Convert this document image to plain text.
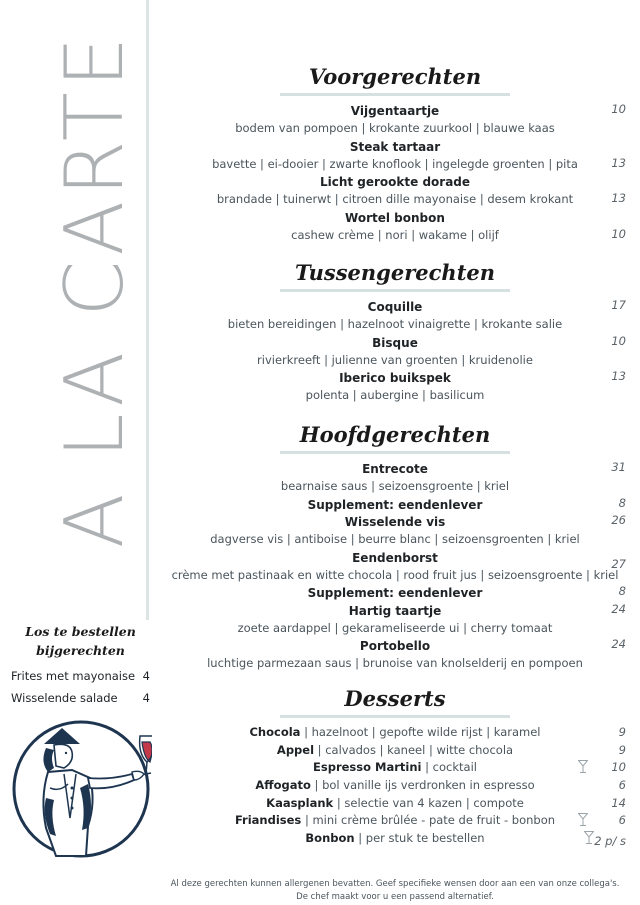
A LA CARTE	Voorgerechten
Vijgentaartje
bodem van pompoen | krokante zuurkool | blauwe kaas
10
Steak tartaar
bavette | ei-dooier | zwarte knoflook | ingelegde groenten | pita	13
Licht gerookte dorade
brandade | tuinerwt | citroen dille mayonaise | desem krokant	13
Wortel bonbon
cashew crème | nori | wakame | olijf	10
Tussengerechten
Coquille
bieten bereidingen | hazelnoot vinaigrette | krokante salie
17
Bisque
rivierkreeft | julienne van groenten | kruidenolie
10
Iberico buikspek
polenta | aubergine | basilicum
13
Hoofdgerechten
Entrecote
bearnaise saus | seizoensgroente | kriel
31
Supplement: eendenlever	8
Wisselende vis
dagverse vis | antiboise | beurre blanc | seizoensgroenten | kriel
26
Eendenborst
crème met pastinaak en witte chocola | rood fruit jus | seizoensgroente | kriel
27
Supplement: eendenlever	8
Hartig taartje
zoete aardappel | gekarameliseerde ui | cherry tomaat
24
Portobello
luchtige parmezaan saus | brunoise van knolselderij en pompoen
24
Desserts
Chocola | hazelnoot | gepofte wilde rijst | karamel	9
Appel | calvados | kaneel | witte chocola	9
Espresso Martini | cocktail	10
Affogato | bol vanille ijs verdronken in espresso	6
Kaasplank | selectie van 4 kazen | compote	14
Friandises | mini crème brûlée - pate de fruit - bonbon	6
Bonbon | per stuk te bestellen	2 p/ s
Los te bestellen
bijgerechten
Frites met mayonaise 4
Wisselende salade 4
Al deze gerechten kunnen allergenen bevatten. Geef specifieke wensen door aan een van onze collega's.
De chef maakt voor u een passend alternatief.
